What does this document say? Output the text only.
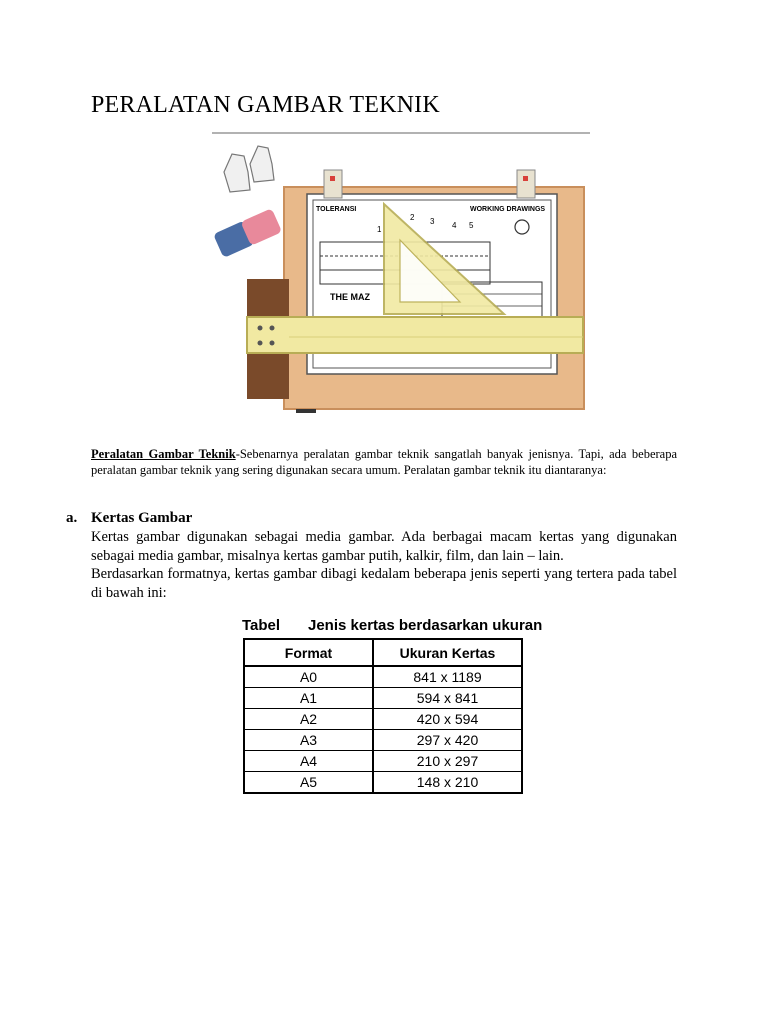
PERALATAN GAMBAR TEKNIK
TOLERANSI	WORKING DRAWINGS
THE MAZ
1
2 3 4 5

Peralatan Gambar Teknik-Sebenarnya peralatan gambar teknik sangatlah banyak jenisnya. Tapi, ada beberapa peralatan gambar teknik yang sering digunakan secara umum. Peralatan gambar teknik itu diantaranya:

a. Kertas Gambar

Kertas gambar digunakan sebagai media gambar. Ada berbagai macam kertas yang digunakan sebagai media gambar, misalnya kertas gambar putih, kalkir, film, dan lain – lain.

Berdasarkan formatnya, kertas gambar dibagi kedalam beberapa jenis seperti yang tertera pada tabel di bawah ini:

Tabel Jenis kertas berdasarkan ukuran

Format	Ukuran Kertas
A0	841 x 1189
A1	594 x 841
A2	420 x 594
A3	297 x 420
A4	210 x 297
A5	148 x 210
